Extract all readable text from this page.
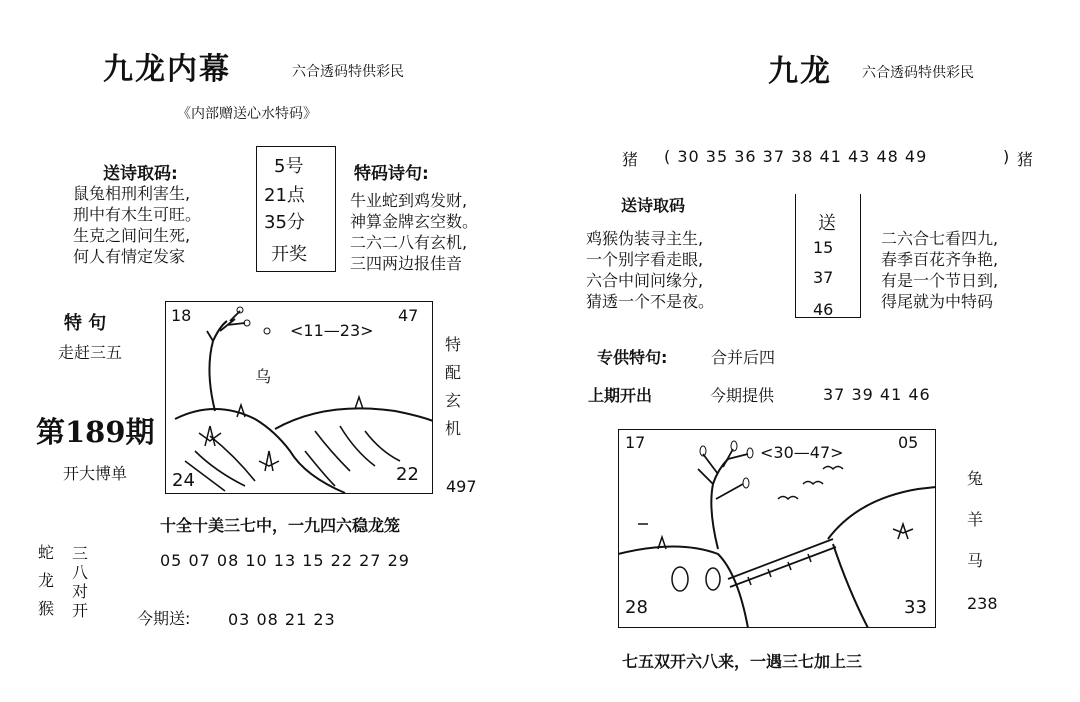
九龙内幕	六合透码特供彩民
《内部赠送心水特码》
送诗取码:
鼠兔相刑利害生,
刑中有木生可旺。
生克之间问生死,
何人有情定发家
5号
21点
35分
开奖
特码诗句:
牛业蛇到鸡发财,
神算金牌玄空数。
二六二八有玄机,
三四两边报佳音
特 句
走赶三五
第189期
开大博单
18	47
<11—23>
乌
24	22
特
配
玄
机
497
十全十美三七中，一九四六稳龙笼
05 07 08 10 13 15 22 27 29
蛇
龙
猴
三
八
对
开	今期送: 03 08 21 23
九龙 六合透码特供彩民
猪 ( 30 35 36 37 38 41 43 48 49	) 猪
送诗取码
鸡猴伪装寻主生,
一个别字看走眼,
六合中间问缘分,
猜透一个不是夜。
送
15
37
46
二六合七看四九,
春季百花齐争艳,
有是一个节日到,
得尾就为中特码
专供特句:	合并后四
上期开出	今期提供	37 39 41 46
17
<30—47>
05
28	33
兔
羊
马
238
七五双开六八来，一遇三七加上三
